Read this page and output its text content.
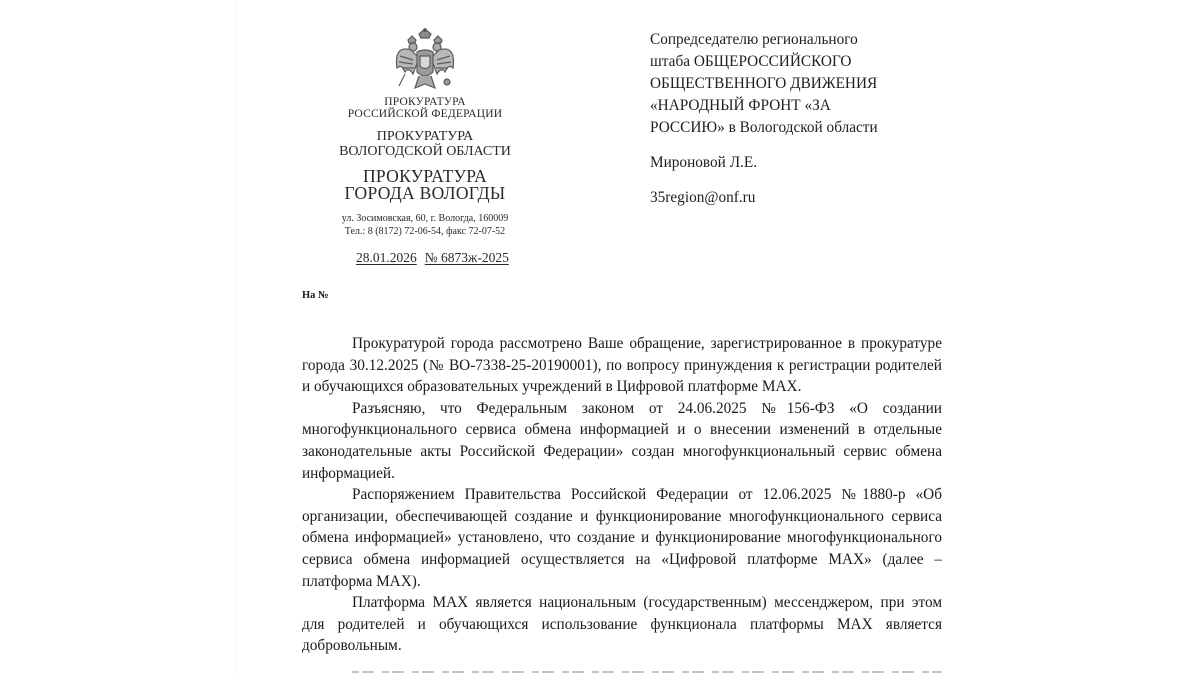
ПРОКУРАТУРА
РОССИЙСКОЙ ФЕДЕРАЦИИ
ПРОКУРАТУРА
ВОЛОГОДСКОЙ ОБЛАСТИ
ПРОКУРАТУРА
ГОРОДА ВОЛОГДЫ
ул. Зосимовская, 60, г. Вологда, 160009
Тел.: 8 (8172) 72-06-54, факс 72-07-52
28.01.2026 № 6873ж-2025
Сопредседателю регионального
штаба ОБЩЕРОССИЙСКОГО
ОБЩЕСТВЕННОГО ДВИЖЕНИЯ
«НАРОДНЫЙ ФРОНТ «ЗА
РОССИЮ» в Вологодской области
Мироновой Л.Е.
35region@onf.ru
На №

Прокуратурой города рассмотрено Ваше обращение, зарегистрированное в прокуратуре города 30.12.2025 (№ ВО-7338-25-20190001), по вопросу принуждения к регистрации родителей и обучающихся образовательных учреждений в Цифровой платформе МАХ.

Разъясняю, что Федеральным законом от 24.06.2025 №156-ФЗ «О создании многофункционального сервиса обмена информацией и о внесении изменений в отдельные законодательные акты Российской Федерации» создан многофункциональный сервис обмена информацией.

Распоряжением Правительства Российской Федерации от 12.06.2025 №1880-р «Об организации, обеспечивающей создание и функционирование многофункционального сервиса обмена информацией» установлено, что создание и функционирование многофункционального сервиса обмена информацией осуществляется на «Цифровой платформе МАХ» (далее – платформа МАХ).

Платформа МАХ является национальным (государственным) мессенджером, при этом для родителей и обучающихся использование функционала платформы МАХ является добровольным.
